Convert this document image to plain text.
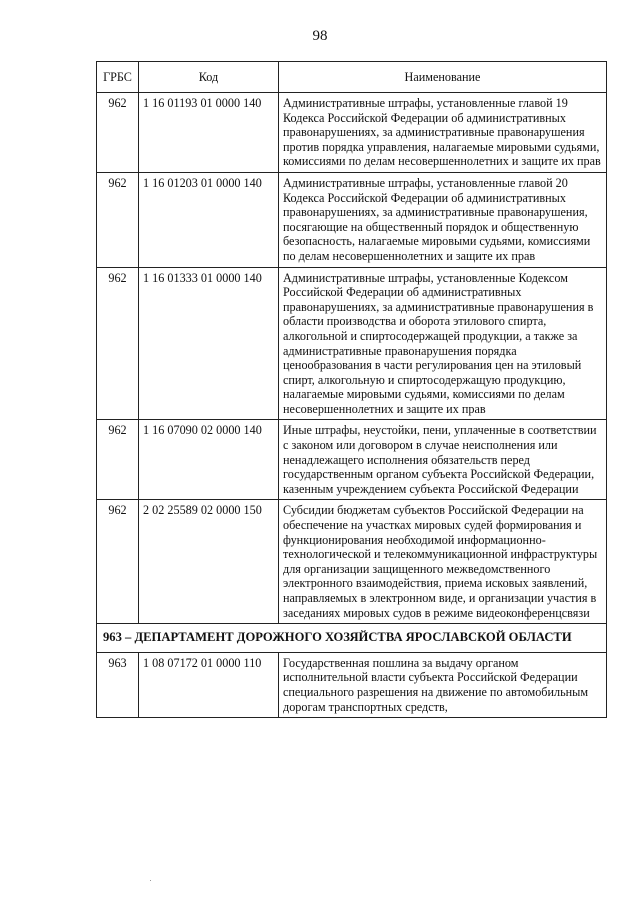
98
ГРБС	Код	Наименование
962	1 16 01193 01 0000 140	Административные штрафы, установленные главой 19 Кодекса Российской Федерации об административных правонарушениях, за административные правонарушения против порядка управления, налагаемые мировыми судьями, комиссиями по делам несовершеннолетних и защите их прав
962	1 16 01203 01 0000 140	Административные штрафы, установленные главой 20 Кодекса Российской Федерации об административных правонарушениях, за административные правонарушения, посягающие на общественный порядок и общественную безопасность, налагаемые мировыми судьями, комиссиями по делам несовершеннолетних и защите их прав
962	1 16 01333 01 0000 140	Административные штрафы, установленные Кодексом Российской Федерации об административных правонарушениях, за административные правонарушения в области производства и оборота этилового спирта, алкогольной и спиртосодержащей продукции, а также за административные правонарушения порядка ценообразования в части регулирования цен на этиловый спирт, алкогольную и спиртосодержащую продукцию, налагаемые мировыми судьями, комиссиями по делам несовершеннолетних и защите их прав
962	1 16 07090 02 0000 140	Иные штрафы, неустойки, пени, уплаченные в соответствии с законом или договором в случае неисполнения или ненадлежащего исполнения обязательств перед государственным органом субъекта Российской Федерации, казенным учреждением субъекта Российской Федерации
962	2 02 25589 02 0000 150	Субсидии бюджетам субъектов Российской Федерации на обеспечение на участках мировых судей формирования и функционирования необходимой информационно-технологической и телекоммуникационной инфраструктуры для организации защищенного межведомственного электронного взаимодействия, приема исковых заявлений, направляемых в электронном виде, и организации участия в заседаниях мировых судов в режиме видеоконференцсвязи
963 – ДЕПАРТАМЕНТ ДОРОЖНОГО ХОЗЯЙСТВА ЯРОСЛАВСКОЙ ОБЛАСТИ		
963	1 08 07172 01 0000 110	Государственная пошлина за выдачу органом исполнительной власти субъекта Российской Федерации специального разрешения на движение по автомобильным дорогам транспортных средств,
